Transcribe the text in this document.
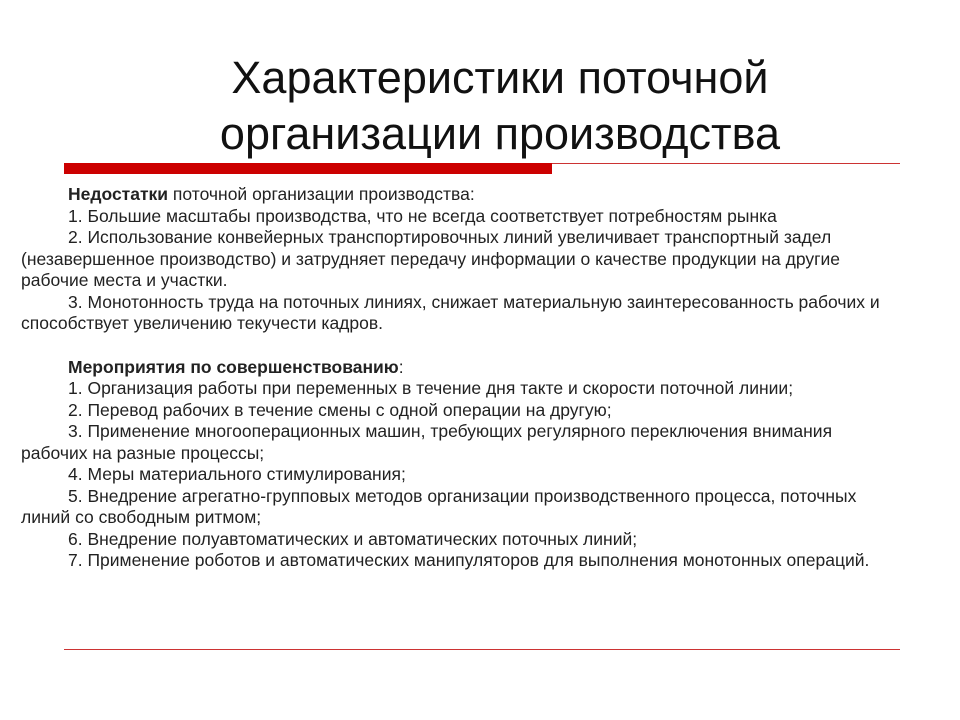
Характеристики поточной
организации производства

Недостатки поточной организации производства:

1. Большие масштабы производства, что не всегда соответствует потребностям рынка

2. Использование конвейерных транспортировочных линий увеличивает транспортный задел (незавершенное производство) и затрудняет передачу информации о качестве продукции на другие рабочие места и участки.

3. Монотонность труда на поточных линиях, снижает материальную заинтересованность рабочих и способствует увеличению текучести кадров.

Мероприятия по совершенствованию:

1. Организация работы при переменных в течение дня такте и скорости поточной линии;

2. Перевод рабочих в течение смены с одной операции на другую;

3. Применение многооперационных машин, требующих регулярного переключения внимания рабочих на разные процессы;

4. Меры материального стимулирования;

5. Внедрение агрегатно-групповых методов организации производственного процесса, поточных линий со свободным ритмом;

6. Внедрение полуавтоматических и автоматических поточных линий;

7. Применение роботов и автоматических манипуляторов для выполнения монотонных операций.
